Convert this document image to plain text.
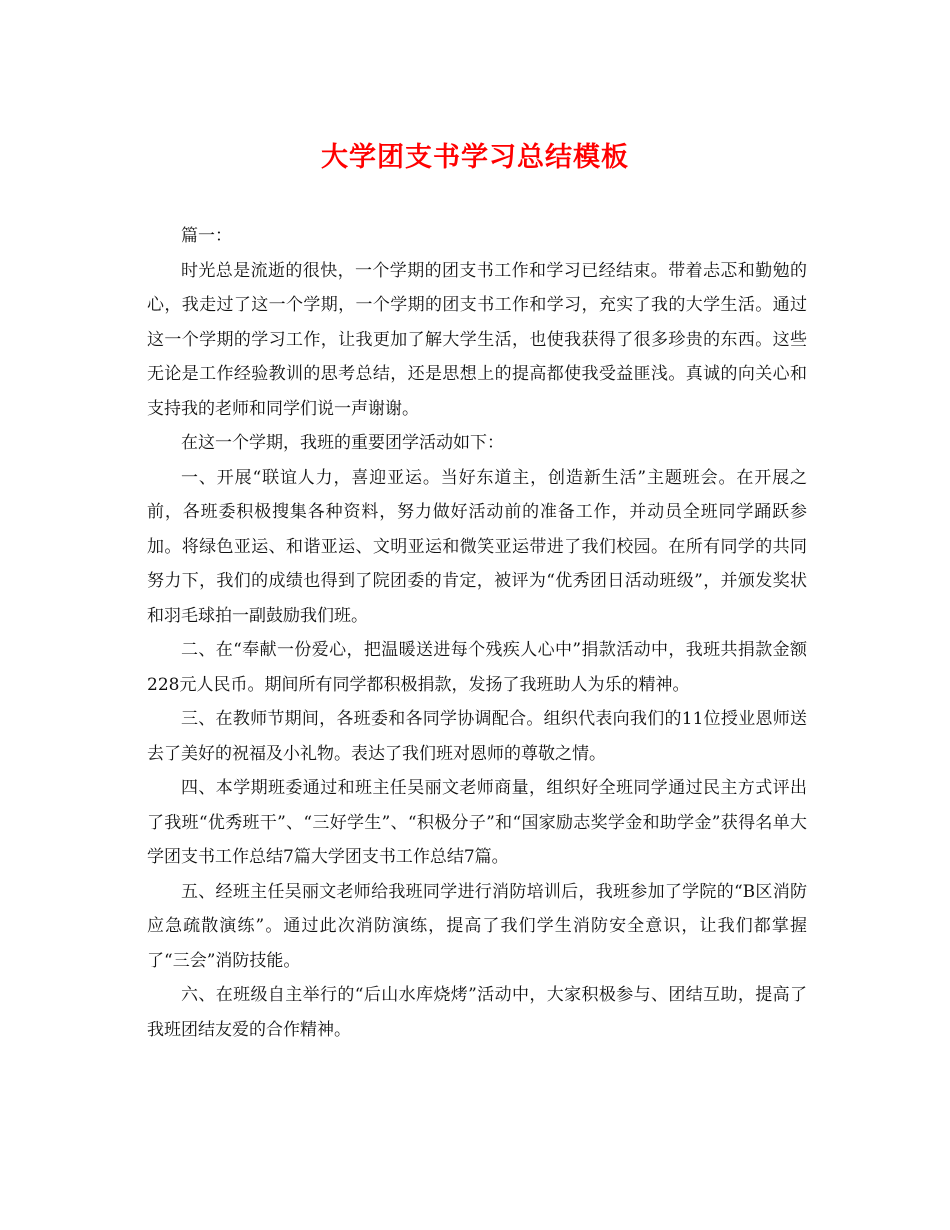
大学团支书学习总结模板

篇一：

时光总是流逝的很快，一个学期的团支书工作和学习已经结束。带着忐忑和勤勉的心，我走过了这一个学期，一个学期的团支书工作和学习，充实了我的大学生活。通过这一个学期的学习工作，让我更加了解大学生活，也使我获得了很多珍贵的东西。这些无论是工作经验教训的思考总结，还是思想上的提高都使我受益匪浅。真诚的向关心和支持我的老师和同学们说一声谢谢。

在这一个学期，我班的重要团学活动如下：

一、开展“联谊人力，喜迎亚运。当好东道主，创造新生活”主题班会。在开展之前，各班委积极搜集各种资料，努力做好活动前的准备工作，并动员全班同学踊跃参加。将绿色亚运、和谐亚运、文明亚运和微笑亚运带进了我们校园。在所有同学的共同努力下，我们的成绩也得到了院团委的肯定，被评为“优秀团日活动班级”，并颁发奖状和羽毛球拍一副鼓励我们班。

二、在“奉献一份爱心，把温暖送进每个残疾人心中”捐款活动中，我班共捐款金额228元人民币。期间所有同学都积极捐款，发扬了我班助人为乐的精神。

三、在教师节期间，各班委和各同学协调配合。组织代表向我们的11位授业恩师送去了美好的祝福及小礼物。表达了我们班对恩师的尊敬之情。

四、本学期班委通过和班主任吴丽文老师商量，组织好全班同学通过民主方式评出了我班“优秀班干”、“三好学生”、“积极分子”和“国家励志奖学金和助学金”获得名单大学团支书工作总结7篇大学团支书工作总结7篇。

五、经班主任吴丽文老师给我班同学进行消防培训后，我班参加了学院的“B区消防应急疏散演练”。通过此次消防演练，提高了我们学生消防安全意识，让我们都掌握了“三会”消防技能。

六、在班级自主举行的“后山水库烧烤”活动中，大家积极参与、团结互助，提高了我班团结友爱的合作精神。
